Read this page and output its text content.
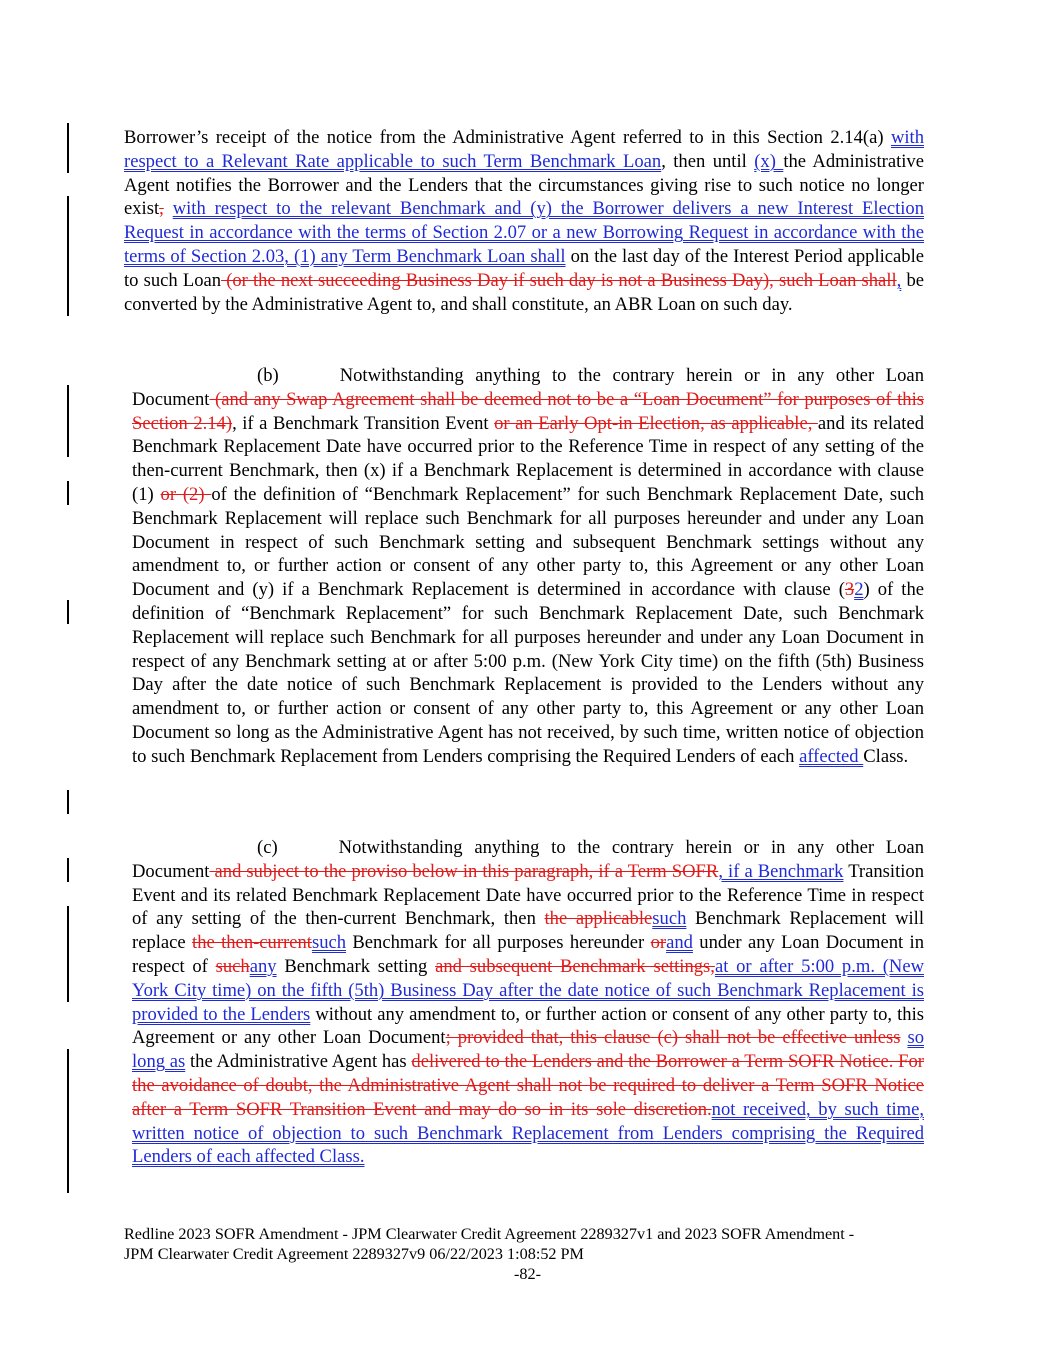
Borrower’s receipt of the notice from the Administrative Agent referred to in this Section 2.14(a) with respect to a Relevant Rate applicable to such Term Benchmark Loan, then until (x) the Administrative Agent notifies the Borrower and the Lenders that the circumstances giving rise to such notice no longer exist, with respect to the relevant Benchmark and (y) the Borrower delivers a new Interest Election Request in accordance with the terms of Section 2.07 or a new Borrowing Request in accordance with the terms of Section 2.03, (1) any Term Benchmark Loan shall on the last day of the Interest Period applicable to such Loan (or the next succeeding Business Day if such day is not a Business Day), such Loan shall, be converted by the Administrative Agent to, and shall constitute, an ABR Loan on such day.
(b)	Notwithstanding anything to the contrary herein or in any other Loan Document (and any Swap Agreement shall be deemed not to be a “Loan Document” for purposes of this Section 2.14), if a Benchmark Transition Event or an Early Opt-in Election, as applicable, and its related Benchmark Replacement Date have occurred prior to the Reference Time in respect of any setting of the then-current Benchmark, then (x) if a Benchmark Replacement is determined in accordance with clause (1) or (2) of the definition of “Benchmark Replacement” for such Benchmark Replacement Date, such Benchmark Replacement will replace such Benchmark for all purposes hereunder and under any Loan Document in respect of such Benchmark setting and subsequent Benchmark settings without any amendment to, or further action or consent of any other party to, this Agreement or any other Loan Document and (y) if a Benchmark Replacement is determined in accordance with clause (32) of the definition of “Benchmark Replacement” for such Benchmark Replacement Date, such Benchmark Replacement will replace such Benchmark for all purposes hereunder and under any Loan Document in respect of any Benchmark setting at or after 5:00 p.m. (New York City time) on the fifth (5th) Business Day after the date notice of such Benchmark Replacement is provided to the Lenders without any amendment to, or further action or consent of any other party to, this Agreement or any other Loan Document so long as the Administrative Agent has not received, by such time, written notice of objection to such Benchmark Replacement from Lenders comprising the Required Lenders of each affected Class.
(c)	Notwithstanding anything to the contrary herein or in any other Loan Document and subject to the proviso below in this paragraph, if a Term SOFR, if a Benchmark Transition Event and its related Benchmark Replacement Date have occurred prior to the Reference Time in respect of any setting of the then-current Benchmark, then the applicablesuch Benchmark Replacement will replace the then-currentsuch Benchmark for all purposes hereunder orand under any Loan Document in respect of suchany Benchmark setting and subsequent Benchmark settings,at or after 5:00 p.m. (New York City time) on the fifth (5th) Business Day after the date notice of such Benchmark Replacement is provided to the Lenders without any amendment to, or further action or consent of any other party to, this Agreement or any other Loan Document; provided that, this clause (c) shall not be effective unless so long as the Administrative Agent has delivered to the Lenders and the Borrower a Term SOFR Notice. For the avoidance of doubt, the Administrative Agent shall not be required to deliver a Term SOFR Notice after a Term SOFR Transition Event and may do so in its sole discretion.not received, by such time, written notice of objection to such Benchmark Replacement from Lenders comprising the Required Lenders of each affected Class.
Redline 2023 SOFR Amendment - JPM Clearwater Credit Agreement 2289327v1 and 2023 SOFR Amendment -
JPM Clearwater Credit Agreement 2289327v9 06/22/2023 1:08:52 PM
-82-
